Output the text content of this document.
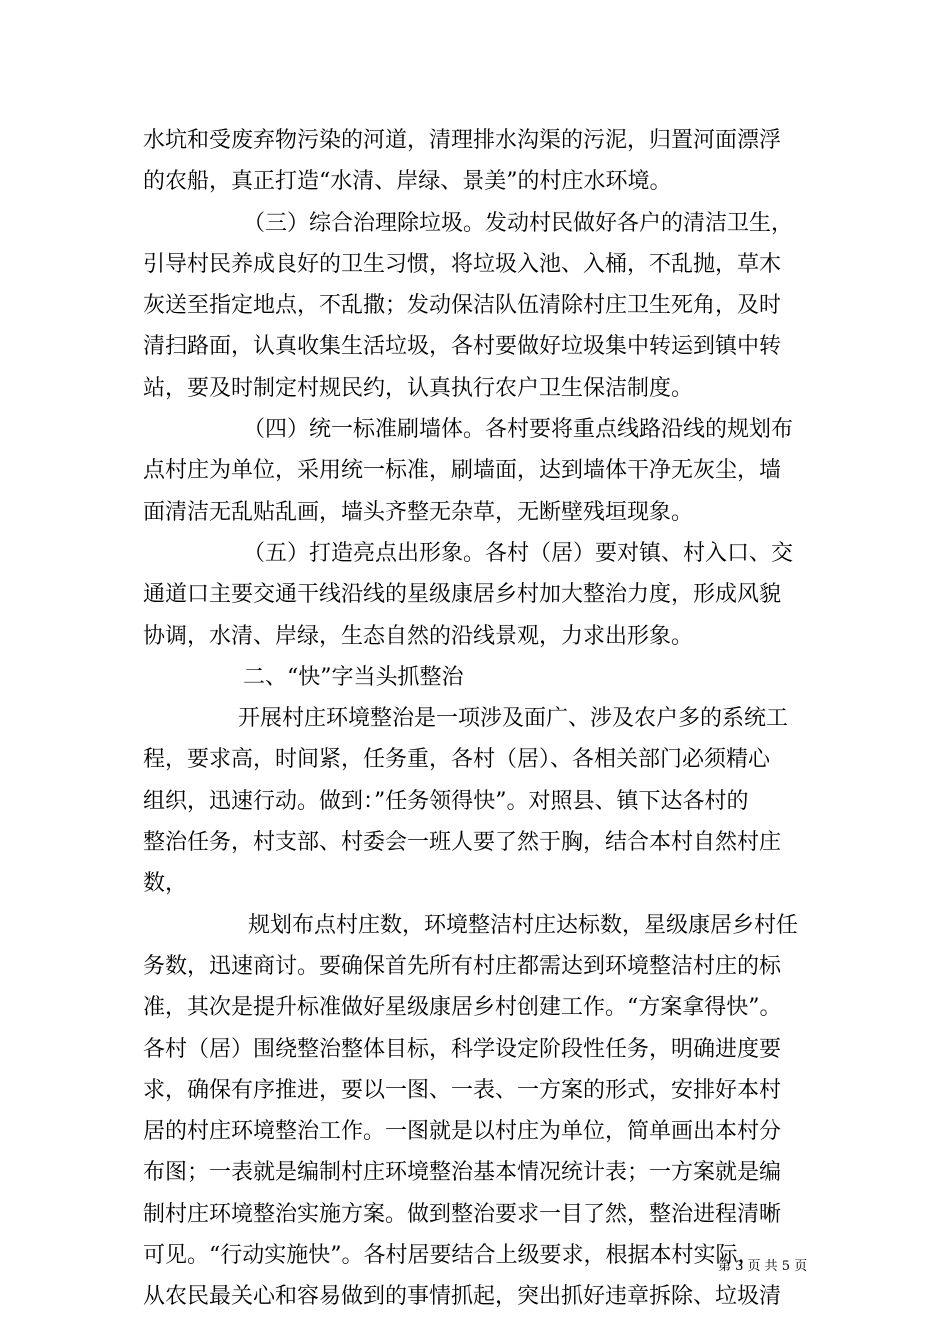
水坑和受废弃物污染的河道，清理排水沟渠的污泥，归置河面漂浮
的农船，真正打造“水清、岸绿、景美”的村庄水环境。
（三）综合治理除垃圾。发动村民做好各户的清洁卫生，
引导村民养成良好的卫生习惯，将垃圾入池、入桶，不乱抛，草木
灰送至指定地点，不乱撒；发动保洁队伍清除村庄卫生死角，及时
清扫路面，认真收集生活垃圾，各村要做好垃圾集中转运到镇中转
站，要及时制定村规民约，认真执行农户卫生保洁制度。
（四）统一标准刷墙体。各村要将重点线路沿线的规划布
点村庄为单位，采用统一标准，刷墙面，达到墙体干净无灰尘，墙
面清洁无乱贴乱画，墙头齐整无杂草，无断壁残垣现象。
（五）打造亮点出形象。各村（居）要对镇、村入口、交
通道口主要交通干线沿线的星级康居乡村加大整治力度，形成风貌
协调，水清、岸绿，生态自然的沿线景观，力求出形象。
二、“快”字当头抓整治
开展村庄环境整治是一项涉及面广、涉及农户多的系统工
程，要求高，时间紧，任务重，各村（居）、各相关部门必须精心
组织，迅速行动。做到：”任务领得快”。对照县、镇下达各村的
整治任务，村支部、村委会一班人要了然于胸，结合本村自然村庄
数，
规划布点村庄数，环境整洁村庄达标数，星级康居乡村任
务数，迅速商讨。要确保首先所有村庄都需达到环境整洁村庄的标
准，其次是提升标准做好星级康居乡村创建工作。“方案拿得快”。
各村（居）围绕整治整体目标，科学设定阶段性任务，明确进度要
求，确保有序推进，要以一图、一表、一方案的形式，安排好本村
居的村庄环境整治工作。一图就是以村庄为单位，简单画出本村分
布图；一表就是编制村庄环境整治基本情况统计表；一方案就是编
制村庄环境整治实施方案。做到整治要求一目了然，整治进程清晰
可见。“行动实施快”。各村居要结合上级要求，根据本村实际，
从农民最关心和容易做到的事情抓起，突出抓好违章拆除、垃圾清
第 3 页 共 5 页
